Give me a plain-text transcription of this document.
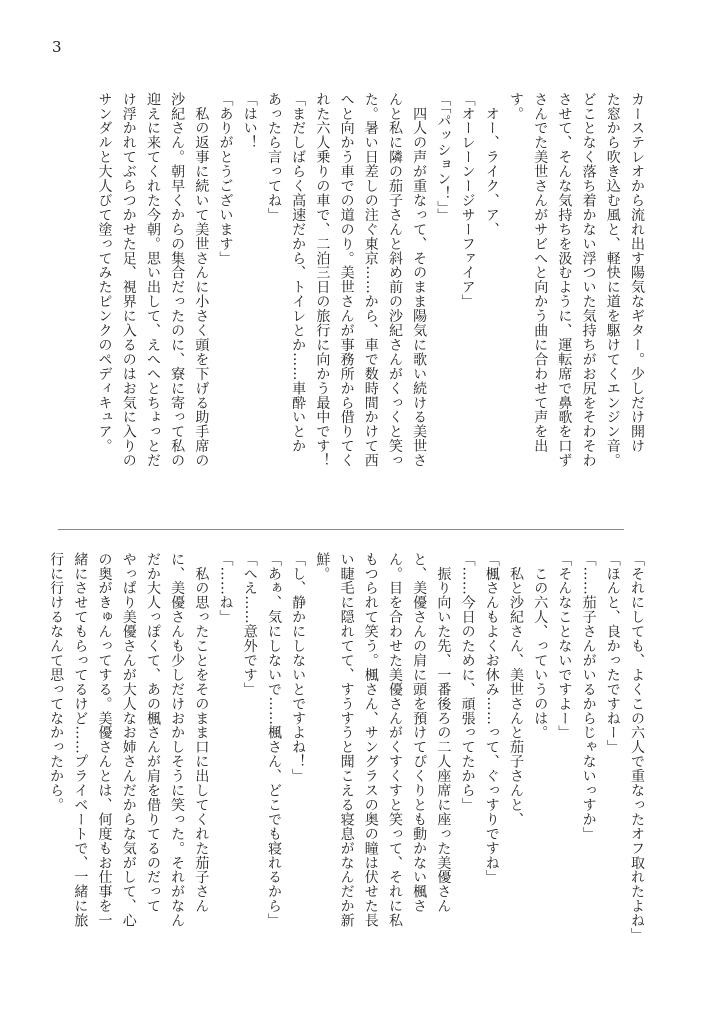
3

カーステレオから流れ出す陽気なギター。少しだけ開け

た窓から吹き込む風と、軽快に道を駆けてくエンジン音。

どことなく落ち着かない浮ついた気持ちがお尻をそわそわ

させて、そんな気持ちを汲むように、運転席で鼻歌を口ず

さんでた美世さんがサビへと向かう曲に合わせて声を出

す。

　オー、ライク、ア、

「オーレーンージサーファイア」

「「パッション！」」

　四人の声が重なって、そのまま陽気に歌い続ける美世さ

んと私に隣の茄子さんと斜め前の沙紀さんがくっくと笑っ

た。暑い日差しの注ぐ東京……から、車で数時間かけて西

へと向かう車での道のり。美世さんが事務所から借りてく

れた六人乗りの車で、二泊三日の旅行に向かう最中です！

「まだしばらく高速だから、トイレとか……車酔いとか

あったら言ってね」

「はい！

「ありがとうございます」

　私の返事に続いて美世さんに小さく頭を下げる助手席の

沙紀さん。朝早くからの集合だったのに、寮に寄って私の

迎えに来てくれた今朝。思い出して、えへへとちょっとだ

け浮かれてぶらつかせた足、視界に入るのはお気に入りの

サンダルと大人びて塗ってみたピンクのペディキュア。

「それにしても、よくこの六人で重なったオフ取れたよね」

「ほんと、良かったですねー」

「……茄子さんがいるからじゃないっすか」

「そんなことないですよー」

　この六人、っていうのは。

　私と沙紀さん、美世さんと茄子さんと、

「楓さんもよくお休み……って、ぐっすりですね」

「……今日のために、頑張ってたから」

　振り向いた先、一番後ろの二人座席に座った美優さん

と、美優さんの肩に頭を預けてぴくりとも動かない楓さ

ん。目を合わせた美優さんがくすくすと笑って、それに私

もつられて笑う。楓さん、サングラスの奥の瞳は伏せた長

い睫毛に隠れてて、すうすうと聞こえる寝息がなんだか新

鮮。

「し、静かにしないとですよね！」

「あぁ、気にしないで……楓さん、どこでも寝れるから」

「へえ……意外です」

「……ね」

　私の思ったことをそのまま口に出してくれた茄子さん

に、美優さんも少しだけおかしそうに笑った。それがなん

だか大人っぽくて、あの楓さんが肩を借りてるのだって

やっぱり美優さんが大人なお姉さんだからな気がして、心

の奥がきゅんってする。美優さんとは、何度もお仕事を一

緒にさせてもらってるけど……プライベートで、一緒に旅

行に行けるなんて思ってなかったから。
